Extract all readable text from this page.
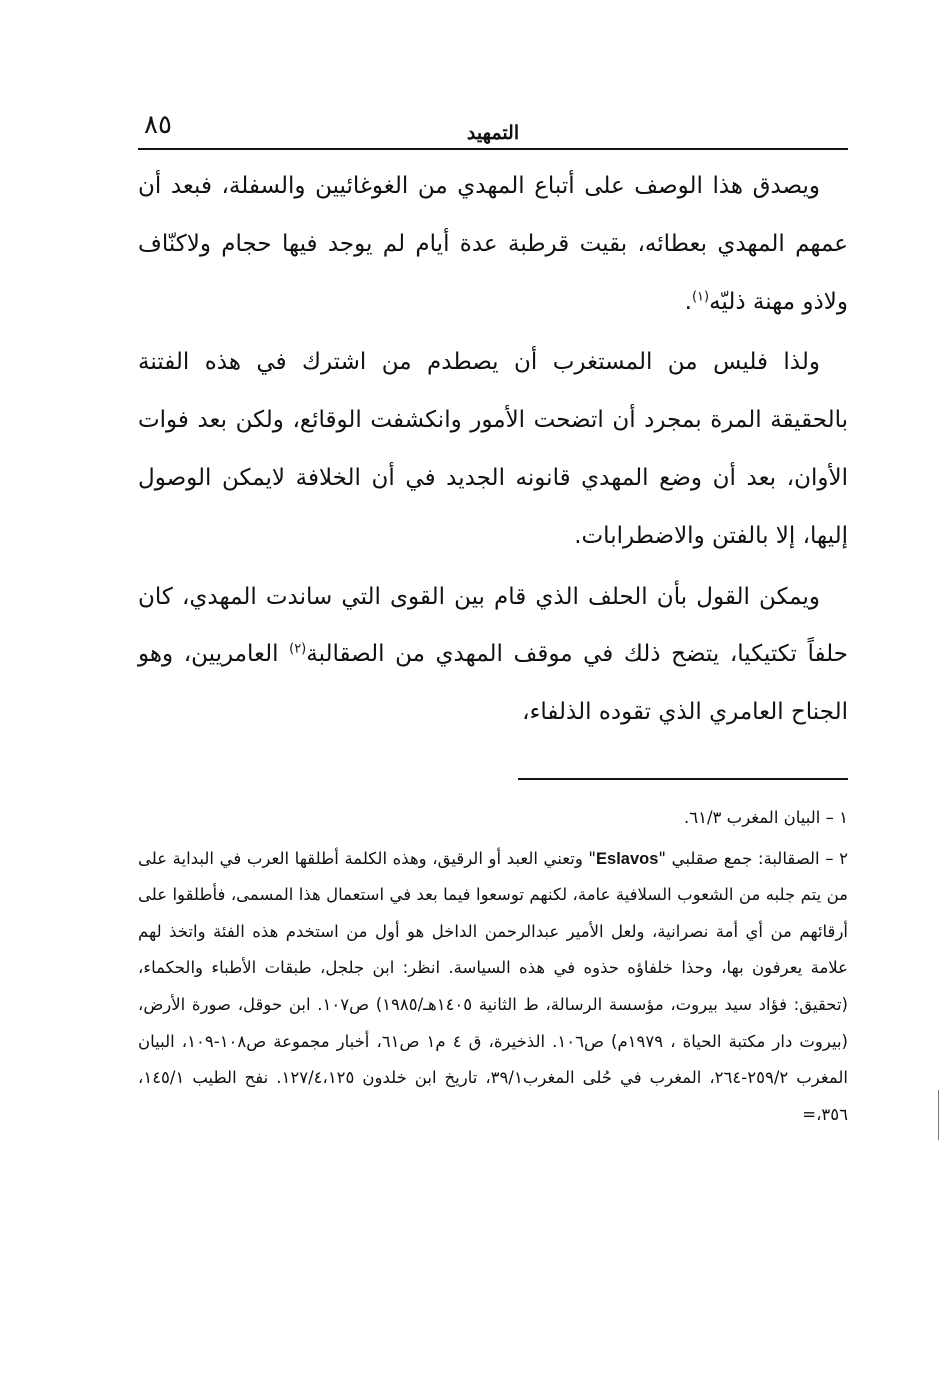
٨٥	التمهيد

ويصدق هذا الوصف على أتباع المهدي من الغوغائيين والسفلة، فبعد أن عمهم المهدي بعطائه، بقيت قرطبة عدة أيام لم يوجد فيها حجام ولاكنّاف ولاذو مهنة ذليّه$^{(١)}$.

ولذا فليس من المستغرب أن يصطدم من اشترك في هذه الفتنة بالحقيقة المرة بمجرد أن اتضحت الأمور وانكشفت الوقائع، ولكن بعد فوات الأوان، بعد أن وضع المهدي قانونه الجديد في أن الخلافة لايمكن الوصول إليها، إلا بالفتن والاضطرابات.

ويمكن القول بأن الحلف الذي قام بين القوى التي ساندت المهدي، كان حلفاً تكتيكيا، يتضح ذلك في موقف المهدي من الصقالبة$^{(٢)}$ العامريين، وهو الجناح العامري الذي تقوده الذلفاء،

١ – البيان المغرب ٦١/٣.

٢ – الصقالبة: جمع صقلبي "Eslavos" وتعني العبد أو الرقيق، وهذه الكلمة أطلقها العرب في البداية على من يتم جلبه من الشعوب السلافية عامة، لكنهم توسعوا فيما بعد في استعمال هذا المسمى، فأطلقوا على أرقائهم من أي أمة نصرانية، ولعل الأمير عبدالرحمن الداخل هو أول من استخدم هذه الفئة واتخذ لهم علامة يعرفون بها، وحذا خلفاؤه حذوه في هذه السياسة. انظر: ابن جلجل، طبقات الأطباء والحكماء، (تحقيق: فؤاد سيد بيروت، مؤسسة الرسالة، ط الثانية ١٤٠٥هـ/١٩٨٥) ص١٠٧. ابن حوقل، صورة الأرض، (بيروت دار مكتبة الحياة ، ١٩٧٩م) ص١٠٦. الذخيرة، ق ٤ م١ ص٦١، أخبار مجموعة ص١٠٨-١٠٩، البيان المغرب ٢٥٩/٢-٢٦٤، المغرب في حُلى المغرب٣٩/١، تاريخ ابن خلدون ١٢٧/٤،١٢٥. نفح الطيب ١٤٥/١، ٣٥٦،=
